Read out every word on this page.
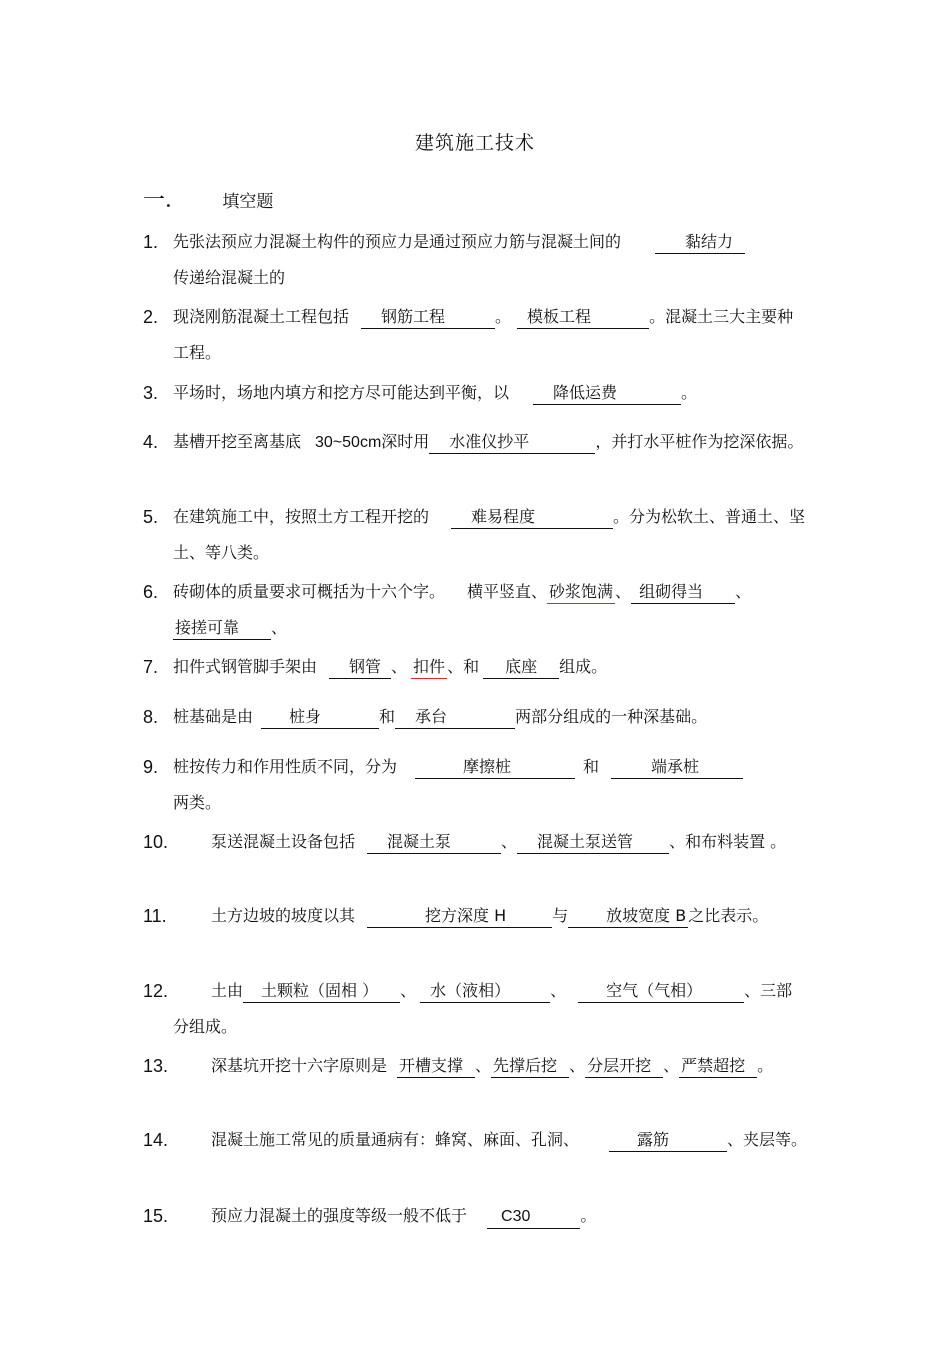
建筑施工技术
一． 填空题
1. 先张法预应力混凝土构件的预应力是通过预应力筋与混凝土间的	黏结力
传递给混凝土的
2. 现浇刚筋混凝土工程包括 钢筋工程	。 模板工程	。混凝土三大主要种工程。
3. 平场时，场地内填方和挖方尽可能达到平衡，以	降低运费	。
4. 基槽开挖至离基底 30~50cm深时用 水准仪抄平	，并打水平桩作为挖深依据。
5. 在建筑施工中，按照土方工程开挖的	难易程度	。分为松软土、普通土、坚土、等八类。
6. 砖砌体的质量要求可概括为十六个字。 横平竖直、 砂浆饱满 、 组砌得当 、
接搓可靠 、
7. 扣件式钢管脚手架由 钢管 、 扣件 、和 底座 组成。
8. 桩基础是由 桩身	和 承台	两部分组成的一种深基础。
9. 桩按传力和作用性质不同，分为	摩擦桩	和	端承桩
两类。
10.	泵送混凝土设备包括 混凝土泵	、 混凝土泵送管 、和布料装置 。
11.	土方边坡的坡度以其	挖方深度 H	与 放坡宽度 B 之比表示。
12.	土由 土颗粒（固相 ） 、 水（液相）	、	空气（气相）	、三部分组成。
13.	深基坑开挖十六字原则是 开槽支撑 、 先撑后挖 、 分层开挖 、 严禁超挖 。
14.	混凝土施工常见的质量通病有：蜂窝、麻面、孔洞、	露筋	、夹层等。
15.	预应力混凝土的强度等级一般不低于 C30	。
